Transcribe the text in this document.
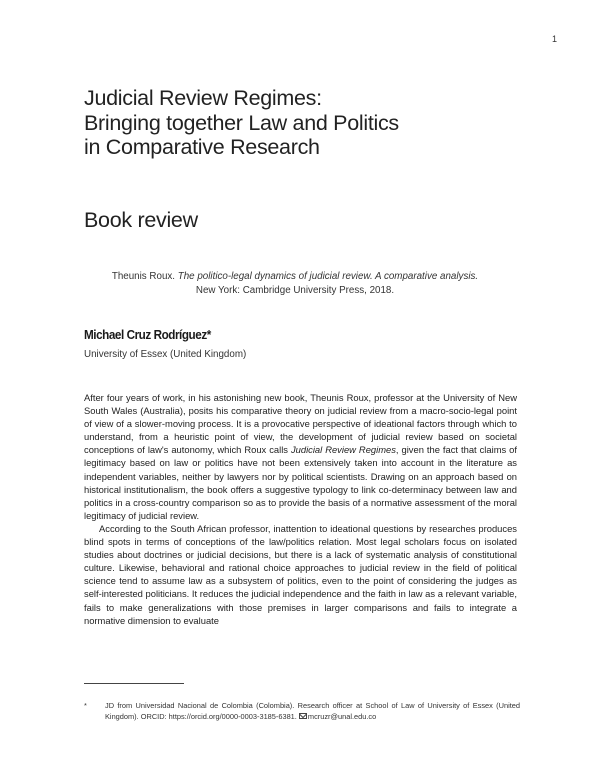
1
Judicial Review Regimes:
Bringing together Law and Politics
in Comparative Research
Book review
Theunis Roux. The politico-legal dynamics of judicial review. A comparative analysis.
New York: Cambridge University Press, 2018.
Michael Cruz Rodríguez*
University of Essex (United Kingdom)

After four years of work, in his astonishing new book, Theunis Roux, professor at the University of New South Wales (Australia), posits his comparative theory on judicial review from a macro-socio-legal point of view of a slower-moving process. It is a provocative perspective of ideational factors through which to understand, from a heuristic point of view, the development of judicial review based on societal conceptions of law's autonomy, which Roux calls Judicial Review Regimes, given the fact that claims of legitimacy based on law or politics have not been extensively taken into account in the literature as independent variables, neither by lawyers nor by political scientists. Drawing on an approach based on historical institutionalism, the book offers a suggestive typology to link co-determinacy between law and politics in a cross-country comparison so as to provide the basis of a normative assessment of the moral legitimacy of judicial review.

According to the South African professor, inattention to ideational questions by researches produces blind spots in terms of conceptions of the law/politics relation. Most legal scholars focus on isolated studies about doctrines or judicial decisions, but there is a lack of systematic analysis of constitutional culture. Likewise, behavioral and rational choice approaches to judicial review in the field of political science tend to assume law as a subsystem of politics, even to the point of considering the judges as self-interested politicians. It reduces the judicial independence and the faith in law as a relevant variable, fails to make generalizations with those premises in larger comparisons and fails to integrate a normative dimension to evaluate

*	JD from Universidad Nacional de Colombia (Colombia). Research officer at School of Law of University of Essex (United Kingdom). ORCID: https://orcid.org/0000-0003-3185-6381. mcruzr@unal.edu.co
